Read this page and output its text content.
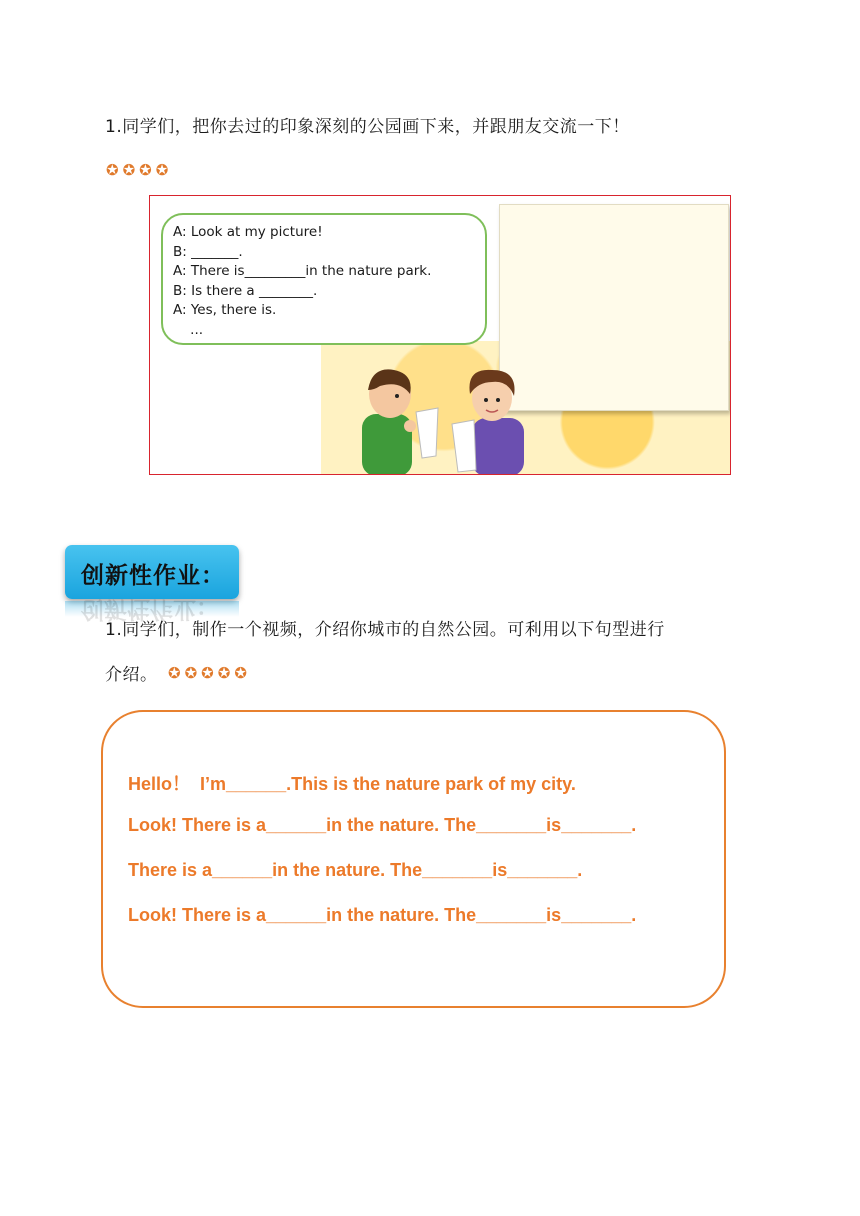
1.同学们，把你去过的印象深刻的公园画下来，并跟朋友交流一下！
✪ ✪ ✪ ✪
A: Look at my picture!
B: _______.
A: There is_________in the nature park.
B: Is there a ________.
A: Yes, there is.
...
创新性作业：
创新性作业：
1.同学们，制作一个视频，介绍你城市的自然公园。可利用以下句型进行
介绍。 ✪ ✪ ✪ ✪ ✪
Hello！  I’m______.This is the nature park of my city.
Look! There is a______in the nature. The_______is_______.
There is a______in the nature. The_______is_______.
Look! There is a______in the nature. The_______is_______.
